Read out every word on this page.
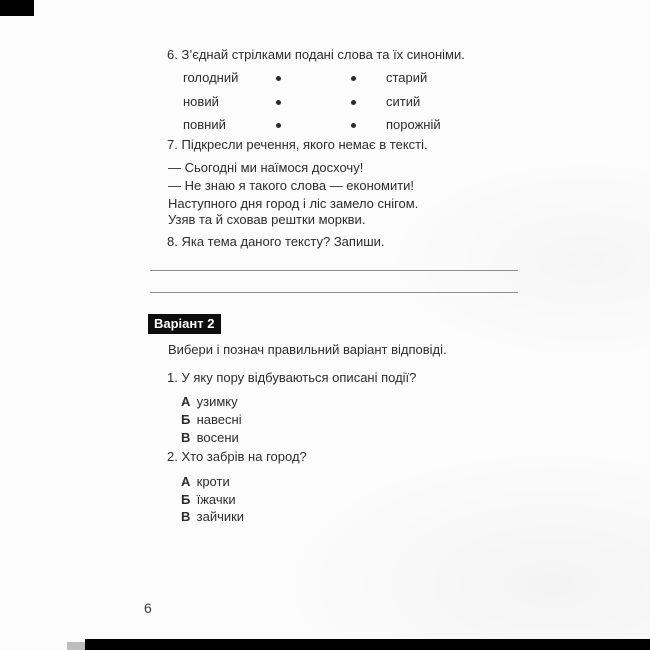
6. З’єднай стрілками подані слова та їх синоніми.
голодний	старий
новий	ситий
повний	порожній
7. Підкресли речення, якого немає в тексті.
— Сьогодні ми наїмося досхочу!
— Не знаю я такого слова — економити!
Наступного дня город і ліс замело снігом.
Узяв та й сховав рештки моркви.
8. Яка тема даного тексту? Запиши.
Варіант 2
Вибери і познач правильний варіант відповіді.
1. У яку пору відбуваються описані події?
А узимку
Б навесні
В восени
2. Хто забрів на город?
А кроти
Б їжачки
В зайчики
6
